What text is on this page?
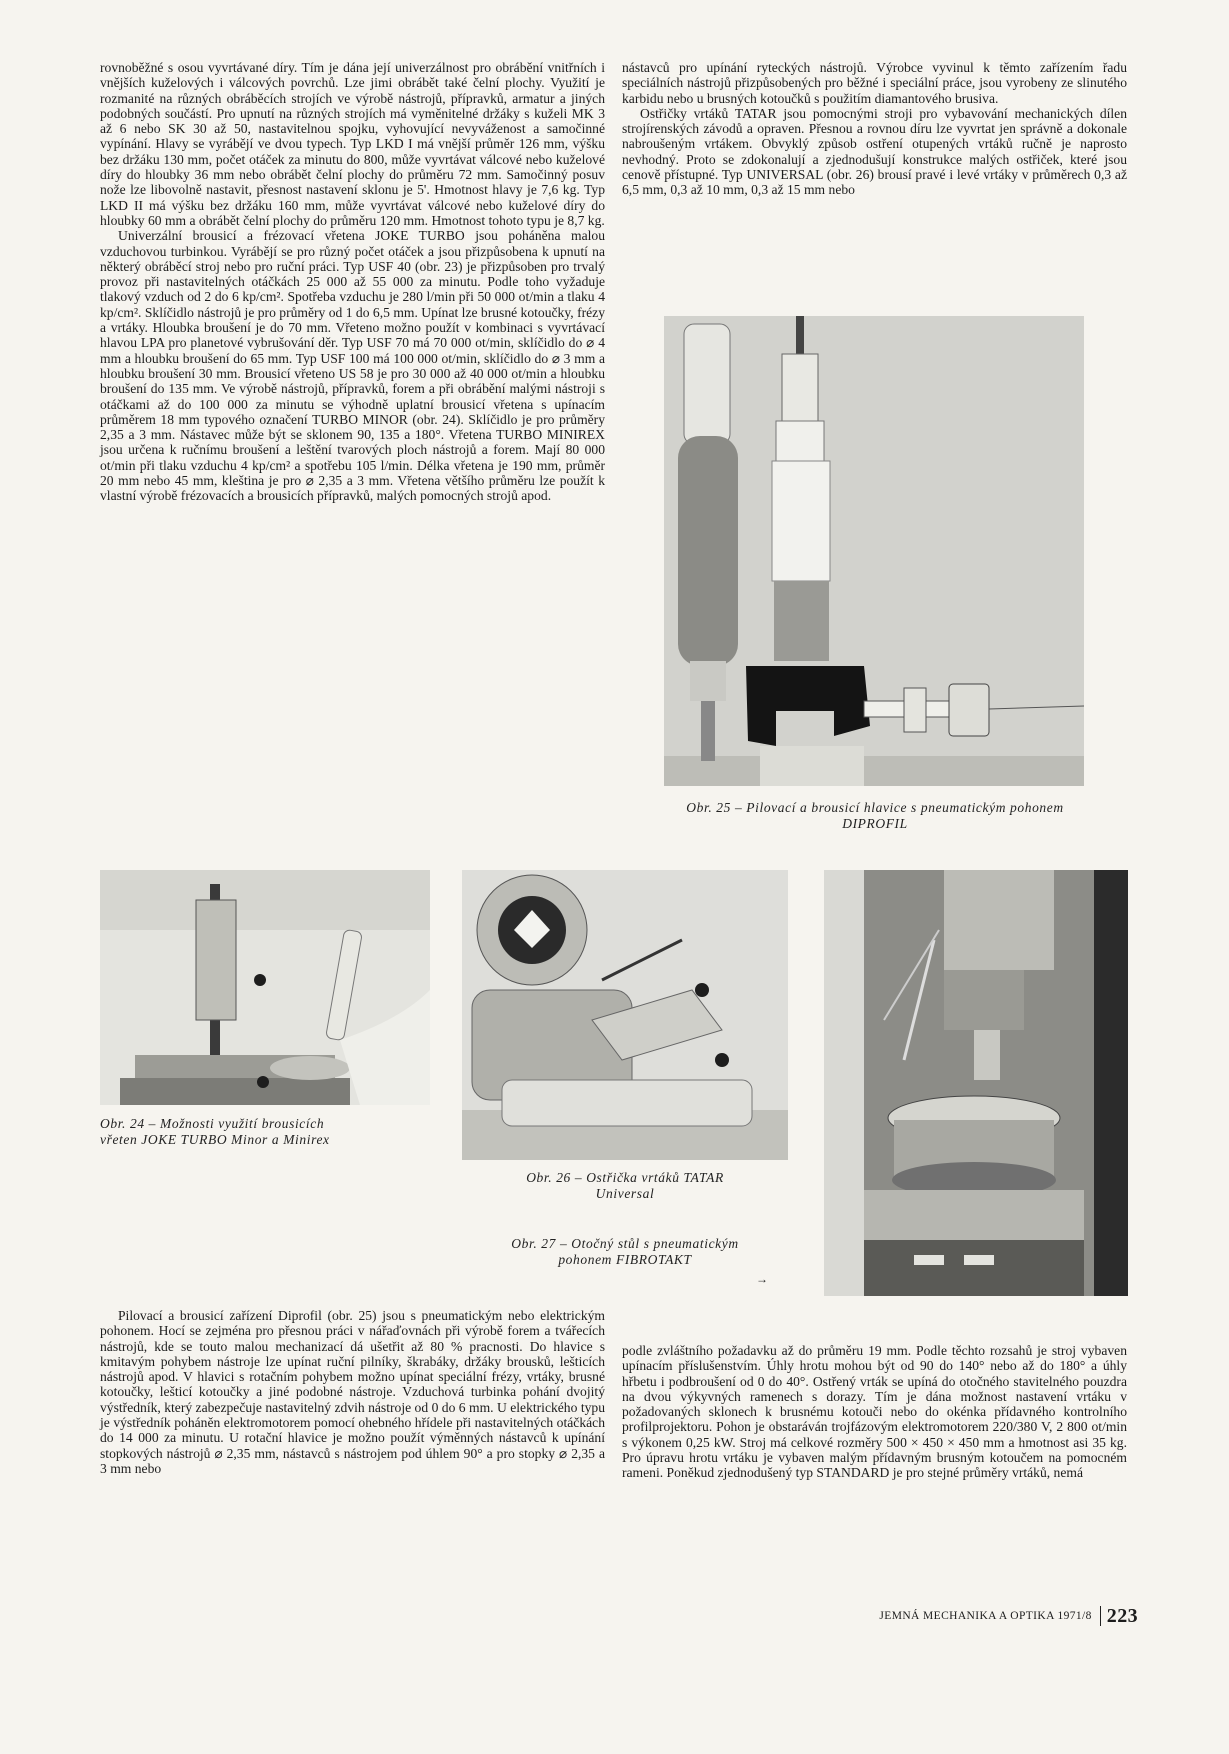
rovnoběžné s osou vyvrtávané díry. Tím je dána její univerzálnost pro obrábění vnitřních i vnějších kuželových i válcových povrchů. Lze jimi obrábět také čelní plochy. Využití je rozmanité na různých obráběcích strojích ve výrobě nástrojů, přípravků, armatur a jiných podobných součástí. Pro upnutí na různých strojích má vyměnitelné držáky s kuželi MK 3 až 6 nebo SK 30 až 50, nastavitelnou spojku, vyhovující nevyváženost a samočinné vypínání. Hlavy se vyrábějí ve dvou typech. Typ LKD I má vnější průměr 126 mm, výšku bez držáku 130 mm, počet otáček za minutu do 800, může vyvrtávat válcové nebo kuželové díry do hloubky 36 mm nebo obrábět čelní plochy do průměru 72 mm. Samočinný posuv nože lze libovolně nastavit, přesnost nastavení sklonu je 5'. Hmotnost hlavy je 7,6 kg. Typ LKD II má výšku bez držáku 160 mm, může vyvrtávat válcové nebo kuželové díry do hloubky 60 mm a obrábět čelní plochy do průměru 120 mm. Hmotnost tohoto typu je 8,7 kg.

Univerzální brousicí a frézovací vřetena JOKE TURBO jsou poháněna malou vzduchovou turbinkou. Vyrábějí se pro různý počet otáček a jsou přizpůsobena k upnutí na některý obráběcí stroj nebo pro ruční práci. Typ USF 40 (obr. 23) je přizpůsoben pro trvalý provoz při nastavitelných otáčkách 25 000 až 55 000 za minutu. Podle toho vyžaduje tlakový vzduch od 2 do 6 kp/cm². Spotřeba vzduchu je 280 l/min při 50 000 ot/min a tlaku 4 kp/cm². Sklíčidlo nástrojů je pro průměry od 1 do 6,5 mm. Upínat lze brusné kotoučky, frézy a vrtáky. Hloubka broušení je do 70 mm. Vřeteno možno použít v kombinaci s vyvrtávací hlavou LPA pro planetové vybrušování děr. Typ USF 70 má 70 000 ot/min, sklíčidlo do ⌀ 4 mm a hloubku broušení do 65 mm. Typ USF 100 má 100 000 ot/min, sklíčidlo do ⌀ 3 mm a hloubku broušení 30 mm. Brousicí vřeteno US 58 je pro 30 000 až 40 000 ot/min a hloubku broušení do 135 mm. Ve výrobě nástrojů, přípravků, forem a při obrábění malými nástroji s otáčkami až do 100 000 za minutu se výhodně uplatní brousicí vřetena s upínacím průměrem 18 mm typového označení TURBO MINOR (obr. 24). Sklíčidlo je pro průměry 2,35 a 3 mm. Nástavec může být se sklonem 90, 135 a 180°. Vřetena TURBO MINIREX jsou určena k ručnímu broušení a leštění tvarových ploch nástrojů a forem. Mají 80 000 ot/min při tlaku vzduchu 4 kp/cm² a spotřebu 105 l/min. Délka vřetena je 190 mm, průměr 20 mm nebo 45 mm, kleština je pro ⌀ 2,35 a 3 mm. Vřetena většího průměru lze použít k vlastní výrobě frézovacích a brousicích přípravků, malých pomocných strojů apod.

nástavců pro upínání ryteckých nástrojů. Výrobce vyvinul k těmto zařízením řadu speciálních nástrojů přizpůsobených pro běžné i speciální práce, jsou vyrobeny ze slinutého karbidu nebo u brusných kotoučků s použitím diamantového brusiva.

Ostřičky vrtáků TATAR jsou pomocnými stroji pro vybavování mechanických dílen strojírenských závodů a opraven. Přesnou a rovnou díru lze vyvrtat jen správně a dokonale nabroušeným vrtákem. Obvyklý způsob ostření otupených vrtáků ručně je naprosto nevhodný. Proto se zdokonalují a zjednodušují konstrukce malých ostřiček, které jsou cenově přístupné. Typ UNIVERSAL (obr. 26) brousí pravé i levé vrtáky v průměrech 0,3 až 6,5 mm, 0,3 až 10 mm, 0,3 až 15 mm nebo

Obr. 25 – Pilovací a brousicí hlavice s pneumatickým pohonem
DIPROFIL
Obr. 24 – Možnosti využití brousicích
vřeten JOKE TURBO Minor a Minirex
Obr. 26 – Ostřička vrtáků TATAR
Universal
Obr. 27 – Otočný stůl s pneumatickým
pohonem FIBROTAKT
→

Pilovací a brousicí zařízení Diprofil (obr. 25) jsou s pneumatickým nebo elektrickým pohonem. Hocí se zejména pro přesnou práci v nářaďovnách při výrobě forem a tvářecích nástrojů, kde se touto malou mechanizací dá ušetřit až 80 % pracnosti. Do hlavice s kmitavým pohybem nástroje lze upínat ruční pilníky, škrabáky, držáky brousků, lešticích nástrojů apod. V hlavici s rotačním pohybem možno upínat speciální frézy, vrtáky, brusné kotoučky, lešticí kotoučky a jiné podobné nástroje. Vzduchová turbinka pohání dvojitý výstředník, který zabezpečuje nastavitelný zdvih nástroje od 0 do 6 mm. U elektrického typu je výstředník poháněn elektromotorem pomocí ohebného hřídele při nastavitelných otáčkách do 14 000 za minutu. U rotační hlavice je možno použít výměnných nástavců k upínání stopkových nástrojů ⌀ 2,35 mm, nástavců s nástrojem pod úhlem 90° a pro stopky ⌀ 2,35 a 3 mm nebo

podle zvláštního požadavku až do průměru 19 mm. Podle těchto rozsahů je stroj vybaven upínacím příslušenstvím. Úhly hrotu mohou být od 90 do 140° nebo až do 180° a úhly hřbetu i podbroušení od 0 do 40°. Ostřený vrták se upíná do otočného stavitelného pouzdra na dvou výkyvných ramenech s dorazy. Tím je dána možnost nastavení vrtáku v požadovaných sklonech k brusnému kotouči nebo do okénka přídavného kontrolního profilprojektoru. Pohon je obstaráván trojfázovým elektromotorem 220/380 V, 2 800 ot/min s výkonem 0,25 kW. Stroj má celkové rozměry 500 × 450 × 450 mm a hmotnost asi 35 kg. Pro úpravu hrotu vrtáku je vybaven malým přídavným brusným kotoučem na pomocném rameni. Poněkud zjednodušený typ STANDARD je pro stejné průměry vrtáků, nemá

JEMNÁ MECHANIKA A OPTIKA 1971/8 223
